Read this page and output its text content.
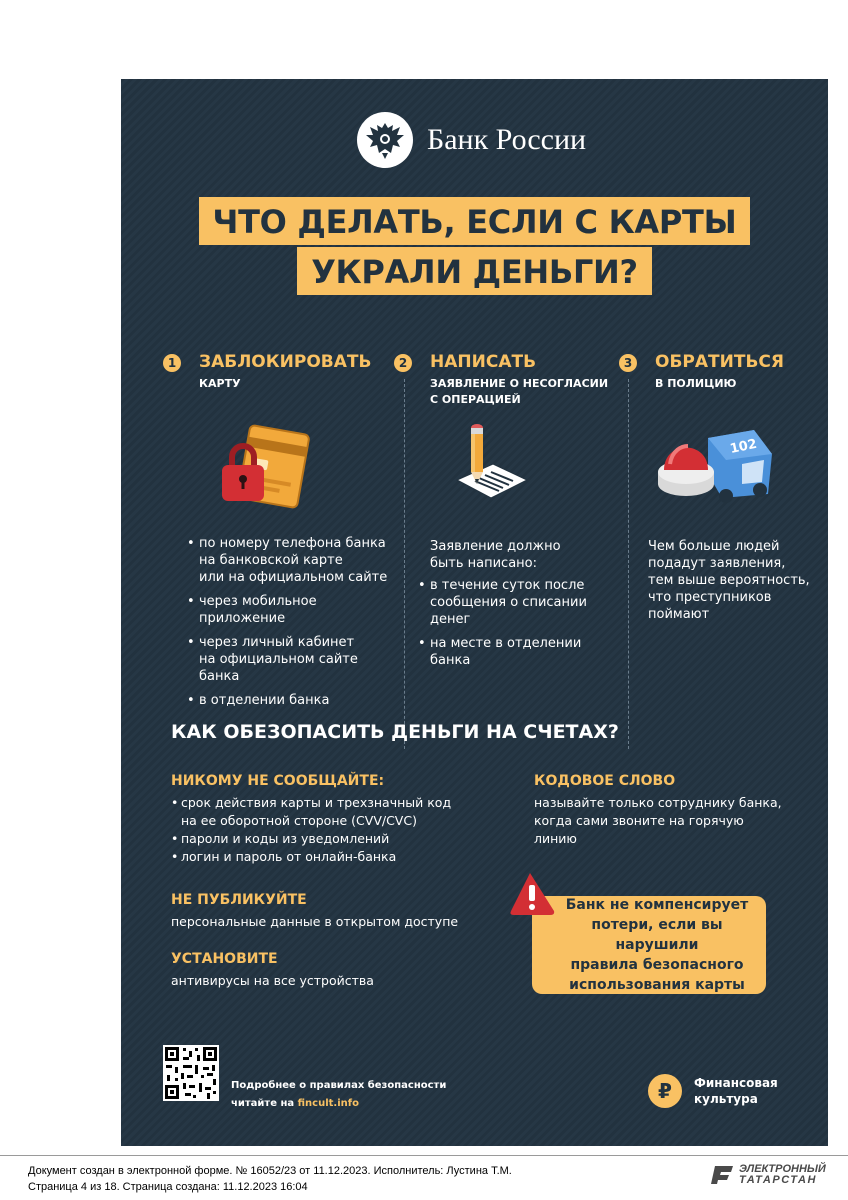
Банк России
ЧТО ДЕЛАТЬ, ЕСЛИ С КАРТЫ
УКРАЛИ ДЕНЬГИ?
1 ЗАБЛОКИРОВАТЬ
КАРТУ
2 НАПИСАТЬ
ЗАЯВЛЕНИЕ О НЕСОГЛАСИИ
С ОПЕРАЦИЕЙ
3 ОБРАТИТЬСЯ
В ПОЛИЦИЮ
102
• по номеру телефона банка
на банковской карте
или на официальном сайте
• через мобильное приложение
• через личный кабинет
на официальном сайте банка
• в отделении банка
Заявление должно
быть написано:
• в течение суток после
сообщения о списании
денег
• на месте в отделении
банка
Чем больше людей
подадут заявления,
тем выше вероятность,
что преступников
поймают
КАК ОБЕЗОПАСИТЬ ДЕНЬГИ НА СЧЕТАХ?
НИКОМУ НЕ СООБЩАЙТЕ:
• срок действия карты и трехзначный код
на ее оборотной стороне (CVV/CVC)
• пароли и коды из уведомлений
• логин и пароль от онлайн-банка
НЕ ПУБЛИКУЙТЕ
персональные данные в открытом доступе
УСТАНОВИТЕ
антивирусы на все устройства
КОДОВОЕ СЛОВО
называйте только сотруднику банка,
когда сами звоните на горячую
линию
Банк не компенсирует
потери, если вы нарушили
правила безопасного
использования карты
Подробнее о правилах безопасности
читайте на fincult.info
₽	Финансовая
культура
Документ создан в электронной форме. № 16052/23 от 11.12.2023. Исполнитель: Лустина Т.М.
Страница 4 из 18. Страница создана: 11.12.2023 16:04
ЭЛЕКТРОННЫЙ
ТАТАРСТАН
